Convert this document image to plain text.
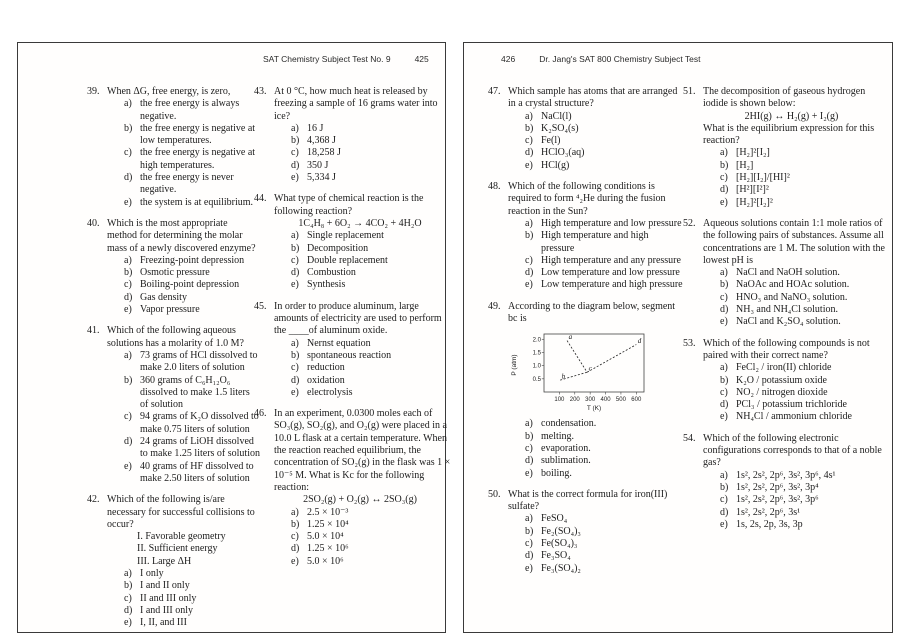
SAT Chemistry Subject Test No. 9	425
39. When ΔG, free energy, is zero,
a) the free energy is always negative.
b) the free energy is negative at low temperatures.
c) the free energy is negative at high temperatures.
d) the free energy is never negative.
e) the system is at equilibrium.
40. Which is the most appropriate method for determining the molar mass of a newly discovered enzyme?
a) Freezing-point depression
b) Osmotic pressure
c) Boiling-point depression
d) Gas density
e) Vapor pressure
41. Which of the following aqueous solutions has a molarity of 1.0 M?
a) 73 grams of HCl dissolved to make 2.0 liters of solution
b) 360 grams of C₆H₁₂O₆ dissolved to make 1.5 liters of solution
c) 94 grams of K₂O dissolved to make 0.75 liters of solution
d) 24 grams of LiOH dissolved to make 1.25 liters of solution
e) 40 grams of HF dissolved to make 2.50 liters of solution
42. Which of the following is/are necessary for successful collisions to occur?
I. Favorable geometry
II. Sufficient energy
III. Large ΔH
a) I only
b) I and II only
c) II and III only
d) I and III only
e) I, II, and III
43. At 0 °C, how much heat is released by freezing a sample of 16 grams water into ice?
a) 16 J
b) 4,368 J
c) 18,258 J
d) 350 J
e) 5,334 J
44. What type of chemical reaction is the following reaction?
1C₄H₈ + 6O₂ → 4CO₂ + 4H₂O
a) Single replacement
b) Decomposition
c) Double replacement
d) Combustion
e) Synthesis
45. In order to produce aluminum, large amounts of electricity are used to perform the ____of aluminum oxide.
a) Nernst equation
b) spontaneous reaction
c) reduction
d) oxidation
e) electrolysis
46. In an experiment, 0.0300 moles each of SO₃(g), SO₂(g), and O₂(g) were placed in a 10.0 L flask at a certain temperature. When the reaction reached equilibrium, the concentration of SO₂(g) in the flask was 1 × 10⁻⁵ M. What is Kc for the following reaction:
2SO₂(g) + O₂(g) ↔ 2SO₃(g)
a) 2.5 × 10⁻³
b) 1.25 × 10⁴
c) 5.0 × 10⁴
d) 1.25 × 10⁶
e) 5.0 × 10⁶
426	Dr. Jang's SAT 800 Chemistry Subject Test
47. Which sample has atoms that are arranged in a crystal structure?
a) NaCl(l)
b) K₂SO₄(s)
c) Fe(l)
d) HClO₃(aq)
e) HCl(g)
48. Which of the following conditions is required to form ⁴₂He during the fusion reaction in the Sun?
a) High temperature and low pressure
b) High temperature and high pressure
c) High temperature and any pressure
d) Low temperature and low pressure
e) Low temperature and high pressure
49. According to the diagram below, segment bc is
0.5
1.0
1.5
2.0
100 200 300 400 500 600
P (atm)
T (K)
a
b
c
d
a) condensation.
b) melting.
c) evaporation.
d) sublimation.
e) boiling.
50. What is the correct formula for iron(III) sulfate?
a) FeSO₄
b) Fe₂(SO₄)₃
c) Fe(SO₄)₃
d) Fe₃SO₄
e) Fe₃(SO₄)₂
51. The decomposition of gaseous hydrogen iodide is shown below:
2HI(g) ↔ H₂(g) + I₂(g)
What is the equilibrium expression for this reaction?
a) [H₂]²[I₂]
b) [H₂]
c) [H₂][I₂]/[HI]²
d) [H²][I²]²
e) [H₂]²[I₂]²
52. Aqueous solutions contain 1:1 mole ratios of the following pairs of substances. Assume all concentrations are 1 M. The solution with the lowest pH is
a) NaCl and NaOH solution.
b) NaOAc and HOAc solution.
c) HNO₃ and NaNO₃ solution.
d) NH₃ and NH₄Cl solution.
e) NaCl and K₂SO₄ solution.
53. Which of the following compounds is not paired with their correct name?
a) FeCl₂ / iron(II) chloride
b) K₂O / potassium oxide
c) NO₂ / nitrogen dioxide
d) PCl₃ / potassium trichloride
e) NH₄Cl / ammonium chloride
54. Which of the following electronic configurations corresponds to that of a noble gas?
a) 1s², 2s², 2p⁶, 3s², 3p⁶, 4s¹
b) 1s², 2s², 2p⁶, 3s², 3p⁴
c) 1s², 2s², 2p⁶, 3s², 3p⁶
d) 1s², 2s², 2p⁶, 3s¹
e) 1s, 2s, 2p, 3s, 3p
